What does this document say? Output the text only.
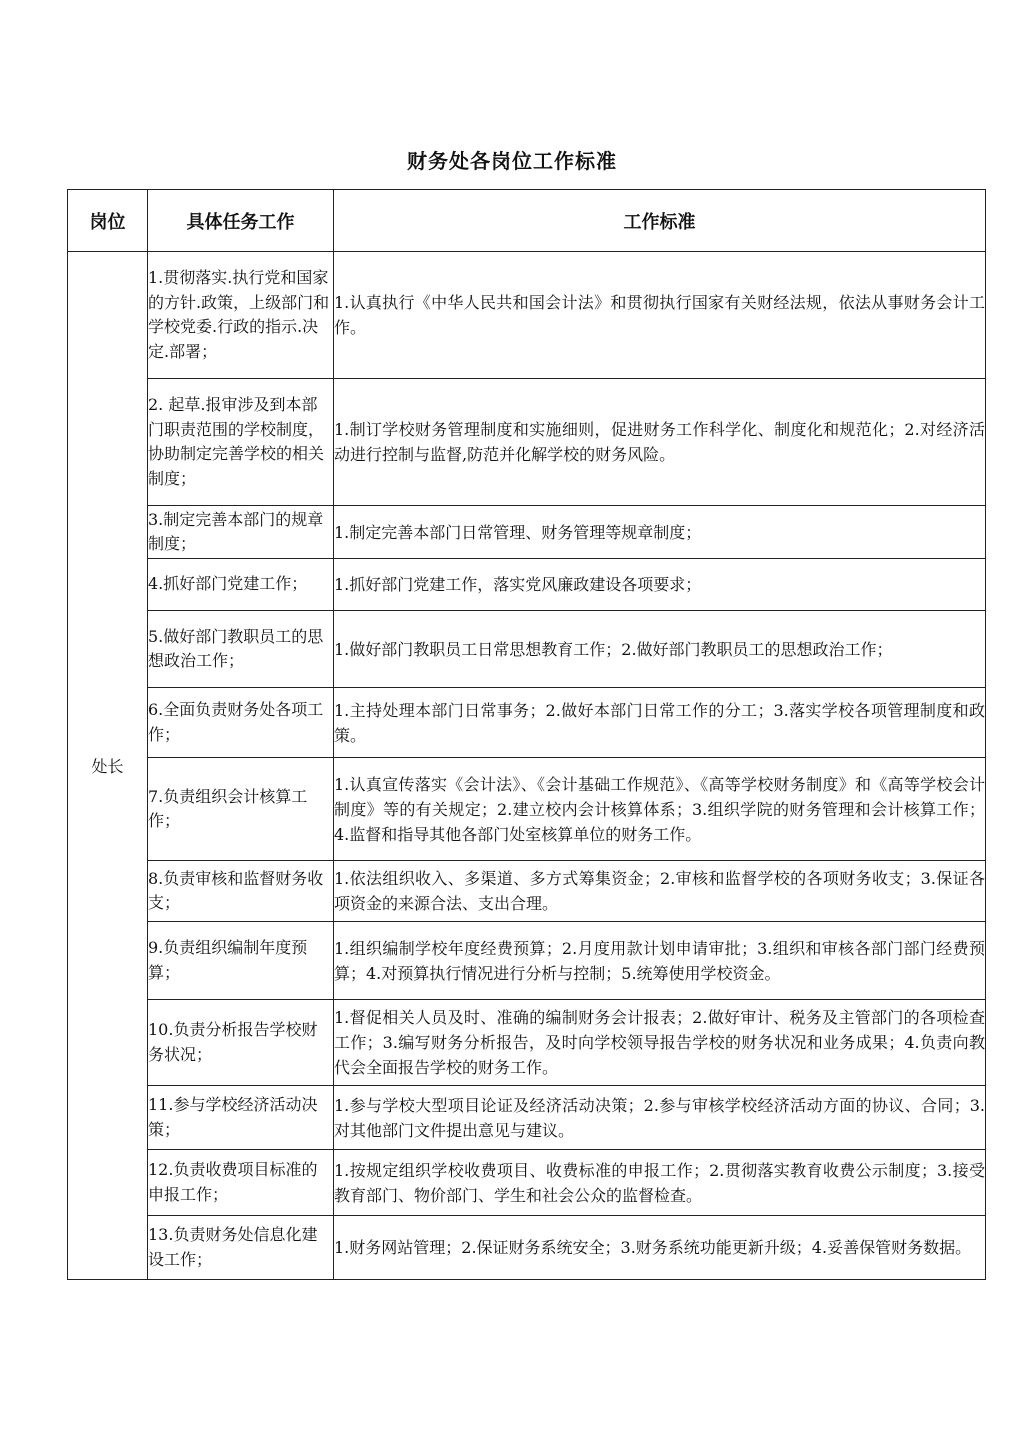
财务处各岗位工作标准
岗位	具体任务工作	工作标准
处长	1.贯彻落实.执行党和国家的方针.政策，上级部门和学校党委.行政的指示.决定.部署；	1.认真执行《中华人民共和国会计法》和贯彻执行国家有关财经法规，依法从事财务会计工作。
	2. 起草.报审涉及到本部门职责范围的学校制度，协助制定完善学校的相关制度；	1.制订学校财务管理制度和实施细则，促进财务工作科学化、制度化和规范化；2.对经济活动进行控制与监督,防范并化解学校的财务风险。
	3.制定完善本部门的规章制度；	1.制定完善本部门日常管理、财务管理等规章制度；
	4.抓好部门党建工作；	1.抓好部门党建工作，落实党风廉政建设各项要求；
	5.做好部门教职员工的思想政治工作；	1.做好部门教职员工日常思想教育工作；2.做好部门教职员工的思想政治工作；
	6.全面负责财务处各项工作；	1.主持处理本部门日常事务；2.做好本部门日常工作的分工；3.落实学校各项管理制度和政策。
	7.负责组织会计核算工作；	1.认真宣传落实《会计法》、《会计基础工作规范》、《高等学校财务制度》和《高等学校会计制度》等的有关规定；2.建立校内会计核算体系；3.组织学院的财务管理和会计核算工作；4.监督和指导其他各部门处室核算单位的财务工作。
	8.负责审核和监督财务收支；	1.依法组织收入、多渠道、多方式筹集资金；2.审核和监督学校的各项财务收支；3.保证各项资金的来源合法、支出合理。
	9.负责组织编制年度预算；	1.组织编制学校年度经费预算；2.月度用款计划申请审批；3.组织和审核各部门部门经费预算；4.对预算执行情况进行分析与控制；5.统筹使用学校资金。
	10.负责分析报告学校财务状况；	1.督促相关人员及时、准确的编制财务会计报表；2.做好审计、税务及主管部门的各项检查工作；3.编写财务分析报告，及时向学校领导报告学校的财务状况和业务成果；4.负责向教代会全面报告学校的财务工作。
	11.参与学校经济活动决策；	1.参与学校大型项目论证及经济活动决策；2.参与审核学校经济活动方面的协议、合同；3.对其他部门文件提出意见与建议。
	12.负责收费项目标准的申报工作；	1.按规定组织学校收费项目、收费标准的申报工作；2.贯彻落实教育收费公示制度；3.接受教育部门、物价部门、学生和社会公众的监督检查。
	13.负责财务处信息化建设工作；	1.财务网站管理；2.保证财务系统安全；3.财务系统功能更新升级；4.妥善保管财务数据。
